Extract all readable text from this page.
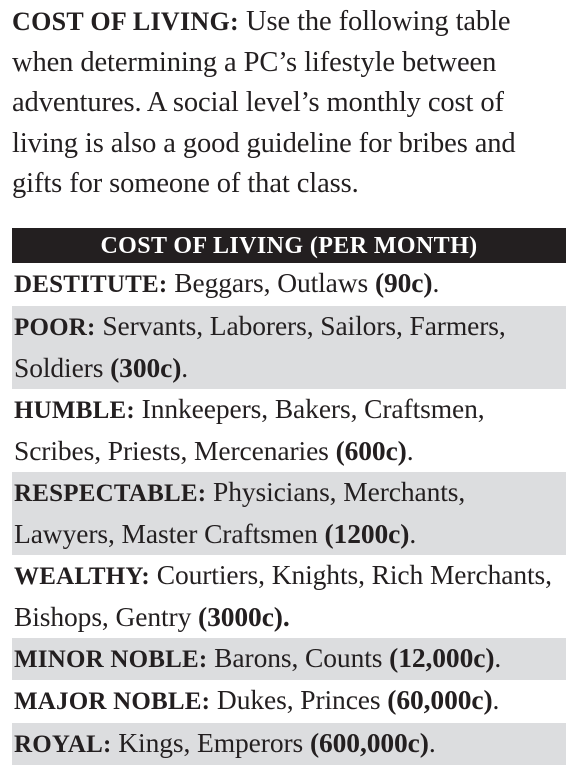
COST OF LIVING: Use the following table when determining a PC’s lifestyle between adventures. A social level’s monthly cost of living is also a good guideline for bribes and gifts for someone of that class.
COST OF LIVING (PER MONTH)
DESTITUTE: Beggars, Outlaws (90c).
POOR: Servants, Laborers, Sailors, Farmers, Soldiers (300c).
HUMBLE: Innkeepers, Bakers, Craftsmen, Scribes, Priests, Mercenaries (600c).
RESPECTABLE: Physicians, Merchants, Lawyers, Master Craftsmen (1200c).
WEALTHY: Courtiers, Knights, Rich Merchants, Bishops, Gentry (3000c).
MINOR NOBLE: Barons, Counts (12,000c).
MAJOR NOBLE: Dukes, Princes (60,000c).
ROYAL: Kings, Emperors (600,000c).
